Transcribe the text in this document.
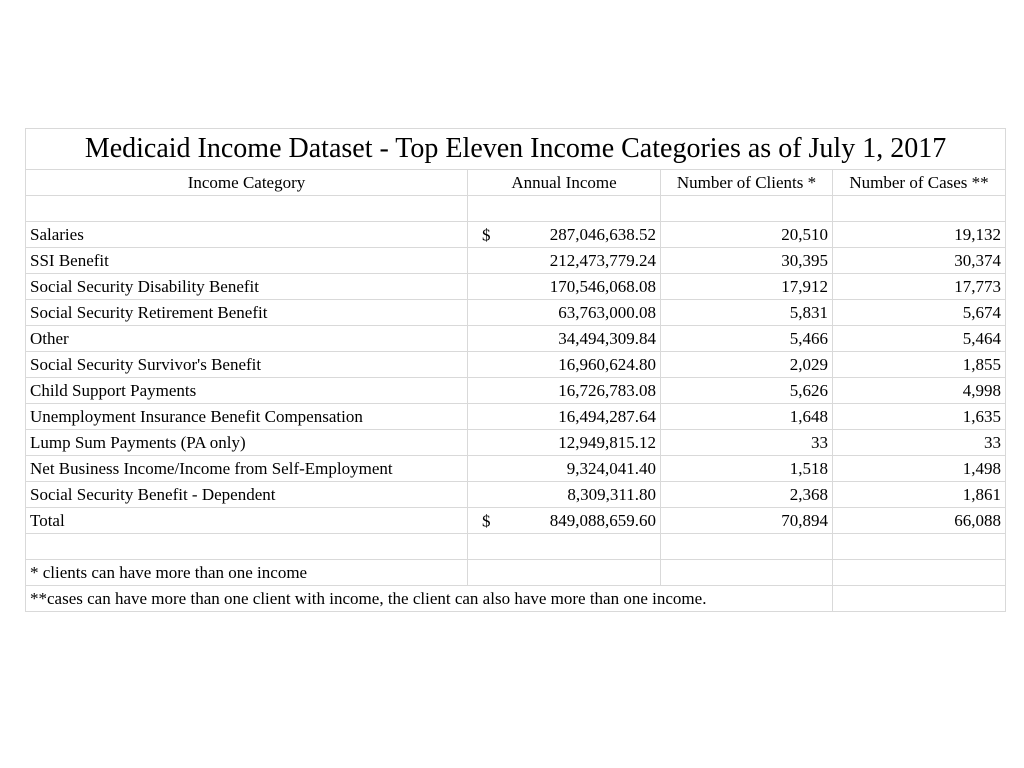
Medicaid Income Dataset - Top Eleven Income Categories as of July 1, 2017			
Income Category	Annual Income	Number of Clients *	Number of Cases **

Salaries	$ 287,046,638.52	20,510	19,132
SSI Benefit	212,473,779.24	30,395	30,374
Social Security Disability Benefit	170,546,068.08	17,912	17,773
Social Security Retirement Benefit	63,763,000.08	5,831	5,674
Other	34,494,309.84	5,466	5,464
Social Security Survivor's Benefit	16,960,624.80	2,029	1,855
Child Support Payments	16,726,783.08	5,626	4,998
Unemployment Insurance Benefit Compensation	16,494,287.64	1,648	1,635
Lump Sum Payments (PA only)	12,949,815.12	33	33
Net Business Income/Income from Self-Employment	9,324,041.40	1,518	1,498
Social Security Benefit - Dependent	8,309,311.80	2,368	1,861
Total	$ 849,088,659.60	70,894	66,088

* clients can have more than one income			
**cases can have more than one client with income, the client can also have more than one income.			
